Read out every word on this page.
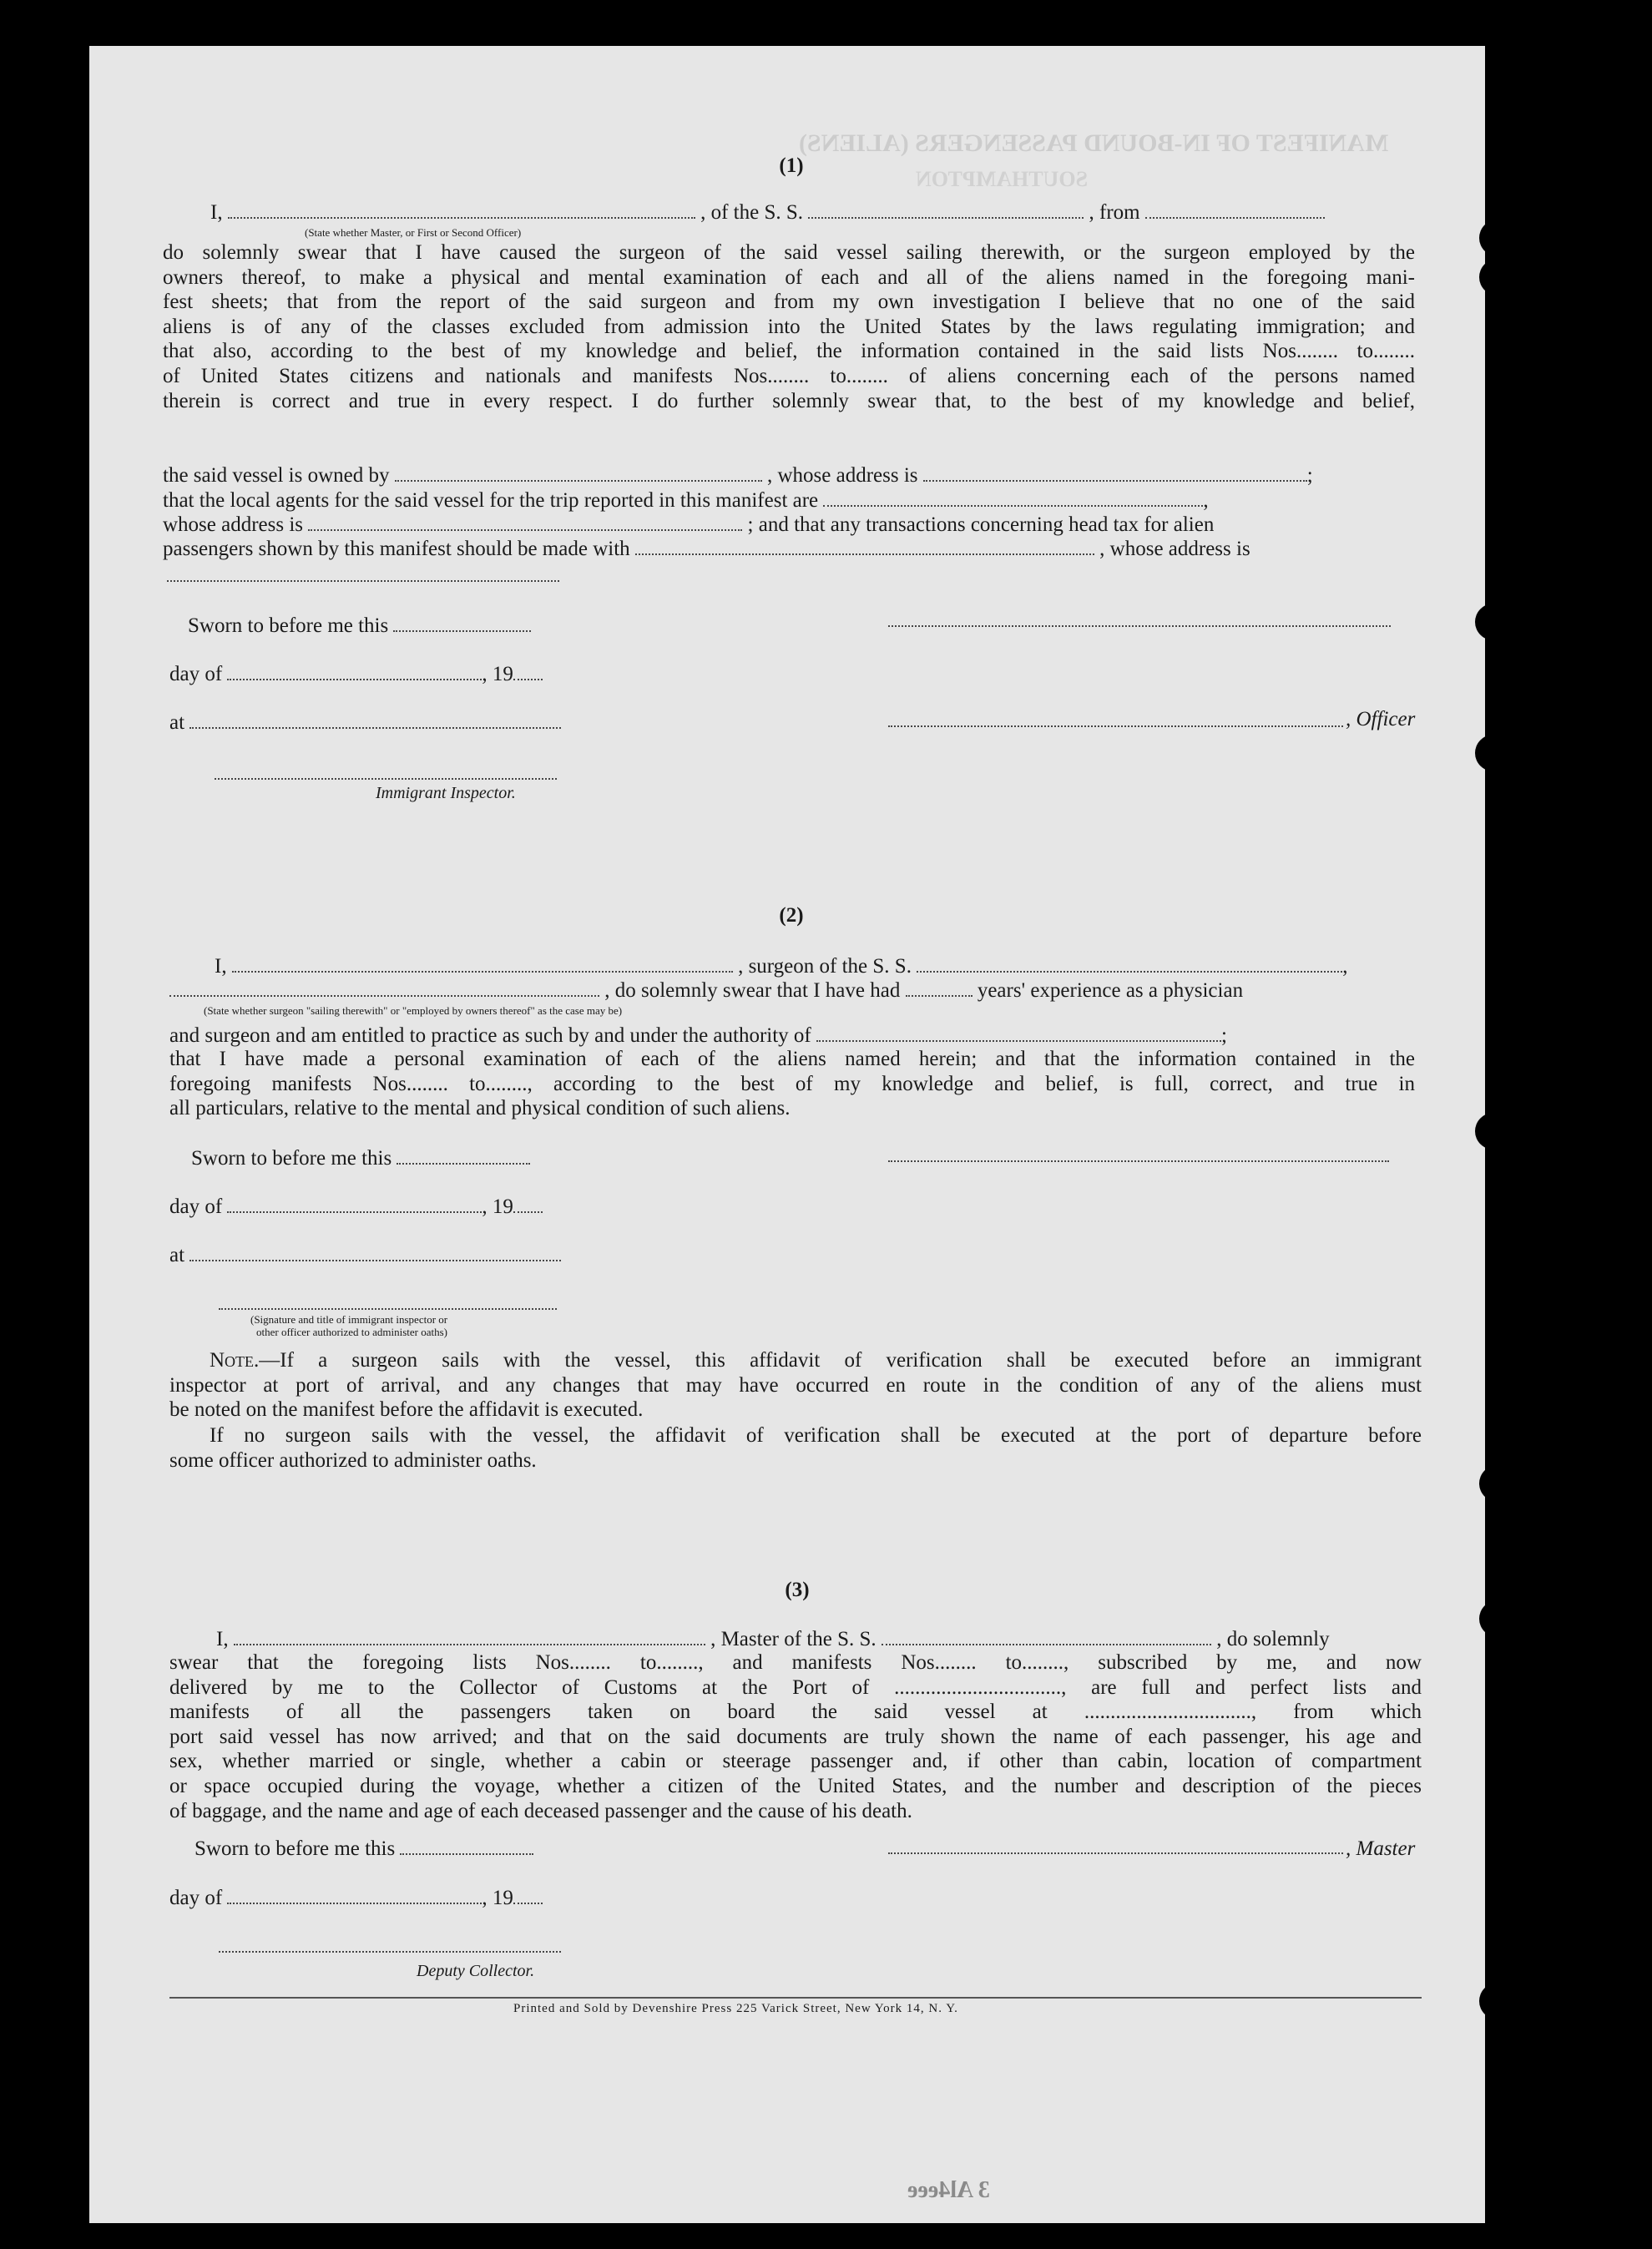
MANIFEST OF IN-BOUND PASSENGERS (ALIENS)
SOUTHAMPTON
(1)
I,	, of the S. S.	, from
(State whether Master, or First or Second Officer)

do solemnly swear that I have caused the surgeon of the said vessel sailing therewith, or the surgeon employed by the

owners thereof, to make a physical and mental examination of each and all of the aliens named in the foregoing mani-

fest sheets; that from the report of the said surgeon and from my own investigation I believe that no one of the said

aliens is of any of the classes excluded from admission into the United States by the laws regulating immigration; and

that also, according to the best of my knowledge and belief, the information contained in the said lists Nos........ to........

of United States citizens and nationals and manifests Nos........ to........ of aliens concerning each of the persons named

therein is correct and true in every respect. I do further solemnly swear that, to the best of my knowledge and belief,

the said vessel is owned by	, whose address is	;
that the local agents for the said vessel for the trip reported in this manifest are	,
whose address is	; and that any transactions concerning head tax for alien
passengers shown by this manifest should be made with	, whose address is
Sworn to before me this
day of	, 19
at	, Officer
Immigrant Inspector.
(2)
I,	, surgeon of the S. S.	,
, do solemnly swear that I have had	years' experience as a physician
(State whether surgeon "sailing therewith" or "employed by owners thereof" as the case may be)
and surgeon and am entitled to practice as such by and under the authority of	;

that I have made a personal examination of each of the aliens named herein; and that the information contained in the

foregoing manifests Nos........ to........, according to the best of my knowledge and belief, is full, correct, and true in

all particulars, relative to the mental and physical condition of such aliens.

Sworn to before me this
day of	, 19
at
(Signature and title of immigrant inspector or
other officer authorized to administer oaths)

Note.—If a surgeon sails with the vessel, this affidavit of verification shall be executed before an immigrant

inspector at port of arrival, and any changes that may have occurred en route in the condition of any of the aliens must

be noted on the manifest before the affidavit is executed.

If no surgeon sails with the vessel, the affidavit of verification shall be executed at the port of departure before

some officer authorized to administer oaths.

(3)
I,	, Master of the S. S.	, do solemnly

swear that the foregoing lists Nos........ to........, and manifests Nos........ to........, subscribed by me, and now

delivered by me to the Collector of Customs at the Port of ................................, are full and perfect lists and

manifests of all the passengers taken on board the said vessel at ................................, from which

port said vessel has now arrived; and that on the said documents are truly shown the name of each passenger, his age and

sex, whether married or single, whether a cabin or steerage passenger and, if other than cabin, location of compartment

or space occupied during the voyage, whether a citizen of the United States, and the number and description of the pieces

of baggage, and the name and age of each deceased passenger and the cause of his death.

Sworn to before me this	, Master
day of	, 19
Deputy Collector.
Printed and Sold by Devenshire Press 225 Varick Street, New York 14, N. Y.
3 Al4eee
